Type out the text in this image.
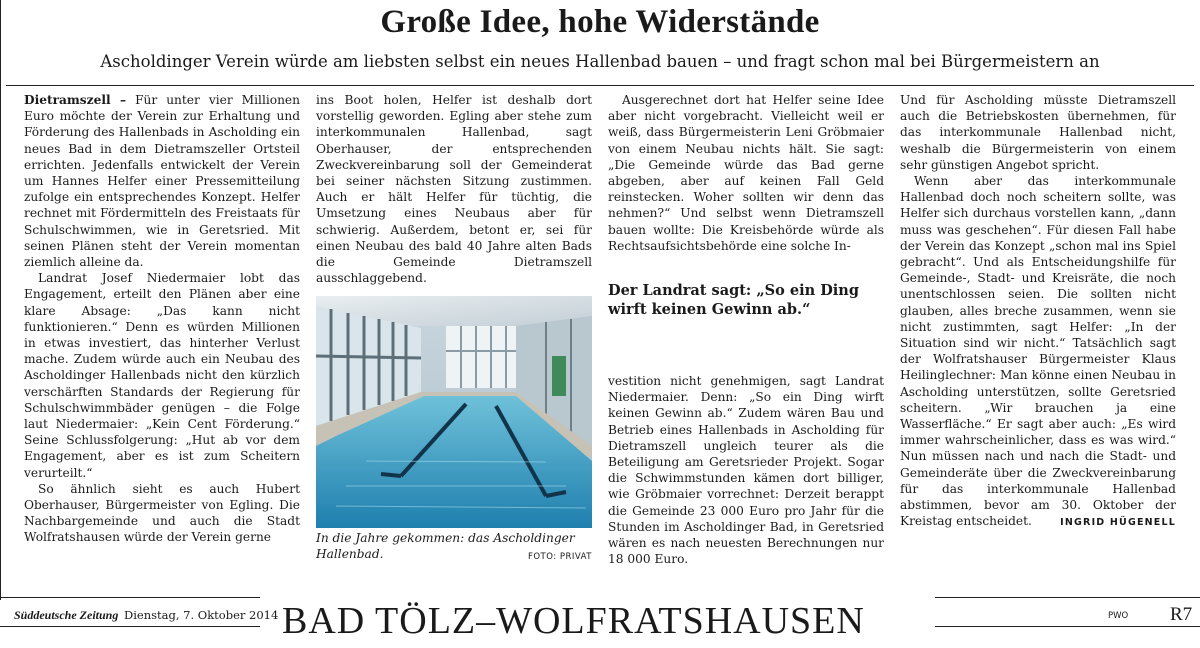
Große Idee, hohe Widerstände
Ascholdinger Verein würde am liebsten selbst ein neues Hallenbad bauen – und fragt schon mal bei Bürgermeistern an

Dietramszell – Für unter vier Millionen Euro möchte der Verein zur Erhaltung und Förderung des Hallenbads in Ascholding ein neues Bad in dem Dietramszeller Ortsteil errichten. Jedenfalls entwickelt der Verein um Hannes Helfer einer Pressemitteilung zufolge ein entsprechendes Konzept. Helfer rechnet mit Fördermitteln des Freistaats für Schulschwimmen, wie in Geretsried. Mit seinen Plänen steht der Verein momentan ziemlich alleine da.

Landrat Josef Niedermaier lobt das Engagement, erteilt den Plänen aber eine klare Absage: „Das kann nicht funktionieren.“ Denn es würden Millionen in etwas investiert, das hinterher Verlust mache. Zudem würde auch ein Neubau des Ascholdinger Hallenbads nicht den kürzlich verschärften Standards der Regierung für Schulschwimmbäder genügen – die Folge laut Niedermaier: „Kein Cent Förderung.“ Seine Schlussfolgerung: „Hut ab vor dem Engagement, aber es ist zum Scheitern verurteilt.“

So ähnlich sieht es auch Hubert Oberhauser, Bürgermeister von Egling. Die Nachbargemeinde und auch die Stadt Wolfratshausen würde der Verein gerne

ins Boot holen, Helfer ist deshalb dort vorstellig geworden. Egling aber stehe zum interkommunalen Hallenbad, sagt Oberhauser, der entsprechenden Zweckvereinbarung soll der Gemeinderat bei seiner nächsten Sitzung zustimmen. Auch er hält Helfer für tüchtig, die Umsetzung eines Neubaus aber für schwierig. Außerdem, betont er, sei für einen Neubau des bald 40 Jahre alten Bads die Gemeinde Dietramszell ausschlaggebend.

In die Jahre gekommen: das Ascholdinger Hallenbad.	FOTO: PRIVAT

Ausgerechnet dort hat Helfer seine Idee aber nicht vorgebracht. Vielleicht weil er weiß, dass Bürgermeisterin Leni Gröbmaier von einem Neubau nichts hält. Sie sagt: „Die Gemeinde würde das Bad gerne abgeben, aber auf keinen Fall Geld reinstecken. Woher sollten wir denn das nehmen?“ Und selbst wenn Dietramszell bauen wollte: Die Kreisbehörde würde als Rechtsaufsichtsbehörde eine solche In-

Der Landrat sagt: „So ein Ding wirft keinen Gewinn ab.“

vestition nicht genehmigen, sagt Landrat Niedermaier. Denn: „So ein Ding wirft keinen Gewinn ab.“ Zudem wären Bau und Betrieb eines Hallenbads in Ascholding für Dietramszell ungleich teurer als die Beteiligung am Geretsrieder Projekt. Sogar die Schwimmstunden kämen dort billiger, wie Gröbmaier vorrechnet: Derzeit berappt die Gemeinde 23 000 Euro pro Jahr für die Stunden im Ascholdinger Bad, in Geretsried wären es nach neuesten Berechnungen nur 18 000 Euro.

Und für Ascholding müsste Dietramszell auch die Betriebskosten übernehmen, für das interkommunale Hallenbad nicht, weshalb die Bürgermeisterin von einem sehr günstigen Angebot spricht.

Wenn aber das interkommunale Hallenbad doch noch scheitern sollte, was Helfer sich durchaus vorstellen kann, „dann muss was geschehen“. Für diesen Fall habe der Verein das Konzept „schon mal ins Spiel gebracht“. Und als Entscheidungshilfe für Gemeinde-, Stadt- und Kreisräte, die noch unentschlossen seien. Die sollten nicht glauben, alles breche zusammen, wenn sie nicht zustimmten, sagt Helfer: „In der Situation sind wir nicht.“ Tatsächlich sagt der Wolfratshauser Bürgermeister Klaus Heilinglechner: Man könne einen Neubau in Ascholding unterstützen, sollte Geretsried scheitern. „Wir brauchen ja eine Wasserfläche.“ Er sagt aber auch: „Es wird immer wahrscheinlicher, dass es was wird.“ Nun müssen nach und nach die Stadt- und Gemeinderäte über die Zweckvereinbarung für das interkommunale Hallenbad abstimmen, bevor am 30. Oktober der Kreistag entscheidet.	INGRID HÜGENELL

Süddeutsche Zeitung Dienstag, 7. Oktober 2014 BAD TÖLZ–WOLFRATSHAUSEN	PWO R7
